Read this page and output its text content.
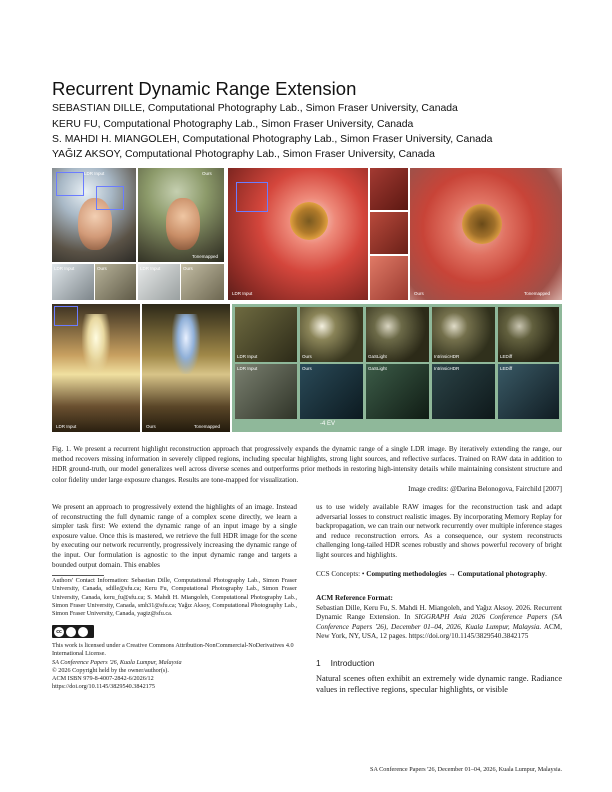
Recurrent Dynamic Range Extension
SEBASTIAN DILLE, Computational Photography Lab., Simon Fraser University, Canada
KERU FU, Computational Photography Lab., Simon Fraser University, Canada
S. MAHDI H. MIANGOLEH, Computational Photography Lab., Simon Fraser University, Canada
YAĞIZ AKSOY, Computational Photography Lab., Simon Fraser University, Canada
LDR Input	Ours
Tonemapped
LDR Input	Ours	LDR Input	Ours
LDR Input	Ours	Tonemapped
LDR Input	Ours	Tonemapped
LDR Input	Ours	GaSLight	IntrinsicHDR	LEDiff
LDR Input	Ours	GaSLight	IntrinsicHDR	LEDiff
-4 EV
Fig. 1. We present a recurrent highlight reconstruction approach that progressively expands the dynamic range of a single LDR image. By iteratively extending the range, our method recovers missing information in severely clipped regions, including specular highlights, strong light sources, and reflective surfaces. Trained on RAW data in addition to HDR ground-truth, our model generalizes well across diverse scenes and outperforms prior methods in restoring high-intensity details while maintaining consistent structure and color fidelity under large exposure changes. Results are tone-mapped for visualization.
Image credits: @Darina Belonogova, Fairchild [2007]
We present an approach to progressively extend the highlights of an image. Instead of reconstructing the full dynamic range of a complex scene directly, we learn a simpler task first: We extend the dynamic range of an input image by a single exposure value. Once this is mastered, we retrieve the full HDR image for the scene by executing our network recurrently, progressively increasing the dynamic range of the input. Our formulation is agnostic to the input dynamic range and targets a bounded output domain. This enables
Authors' Contact Information: Sebastian Dille, Computational Photography Lab., Simon Fraser University, Canada, sdille@sfu.ca; Keru Fu, Computational Photography Lab., Simon Fraser University, Canada, keru_fu@sfu.ca; S. Mahdi H. Miangoleh, Computational Photography Lab., Simon Fraser University, Canada, smh31@sfu.ca; Yağız Aksoy, Computational Photography Lab., Simon Fraser University, Canada, yagiz@sfu.ca.
cc
This work is licensed under a Creative Commons Attribution-NonCommercial-NoDerivatives 4.0 International License.
SA Conference Papers '26, Kuala Lumpur, Malaysia
© 2026 Copyright held by the owner/author(s).
ACM ISBN 979-8-4007-2842-6/2026/12
https://doi.org/10.1145/3829540.3842175
us to use widely available RAW images for the reconstruction task and adapt adversarial losses to construct realistic images. By incorporating Memory Replay for backpropagation, we can train our network recurrently over multiple inference stages and reduce reconstruction errors. As a consequence, our system reconstructs challenging long-tailed HDR scenes robustly and shows powerful recovery of bright light sources and highlights.
CCS Concepts: • Computing methodologies → Computational photography.
ACM Reference Format:
Sebastian Dille, Keru Fu, S. Mahdi H. Miangoleh, and Yağız Aksoy. 2026. Recurrent Dynamic Range Extension. In SIGGRAPH Asia 2026 Conference Papers (SA Conference Papers '26), December 01–04, 2026, Kuala Lumpur, Malaysia. ACM, New York, NY, USA, 12 pages. https://doi.org/10.1145/3829540.3842175
1 Introduction
Natural scenes often exhibit an extremely wide dynamic range. Radiance values in reflective regions, specular highlights, or visible
SA Conference Papers '26, December 01–04, 2026, Kuala Lumpur, Malaysia.
